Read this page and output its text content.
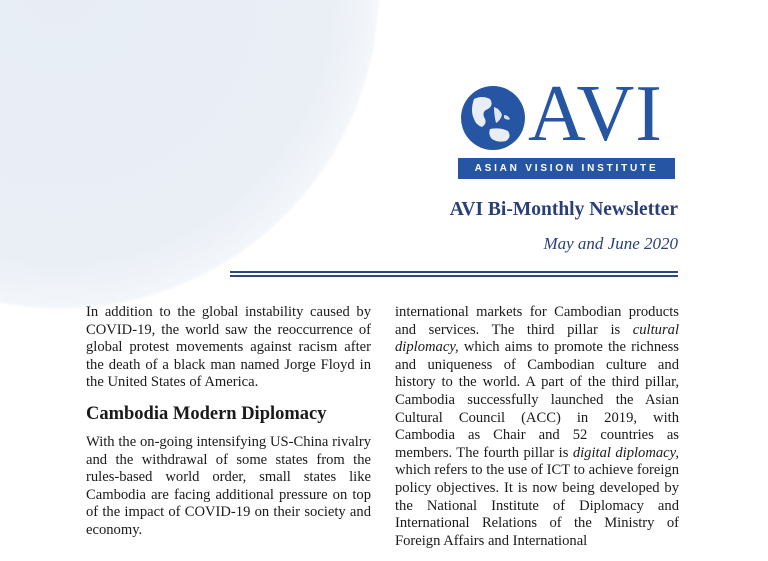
AVI
ASIAN VISION INSTITUTE
AVI Bi-Monthly Newsletter
May and June 2020

In addition to the global instability caused by COVID-19, the world saw the reoccurrence of global protest movements against racism after the death of a black man named Jorge Floyd in the United States of America.

Cambodia Modern Diplomacy

With the on-going intensifying US-China rivalry and the withdrawal of some states from the rules-based world order, small states like Cambodia are facing additional pressure on top of the impact of COVID-19 on their society and economy.

international markets for Cambodian products and services. The third pillar is cultural diplomacy, which aims to promote the richness and uniqueness of Cambodian culture and history to the world. A part of the third pillar, Cambodia successfully launched the Asian Cultural Council (ACC) in 2019, with Cambodia as Chair and 52 countries as members. The fourth pillar is digital diplomacy, which refers to the use of ICT to achieve foreign policy objectives. It is now being developed by the National Institute of Diplomacy and International Relations of the Ministry of Foreign Affairs and International
